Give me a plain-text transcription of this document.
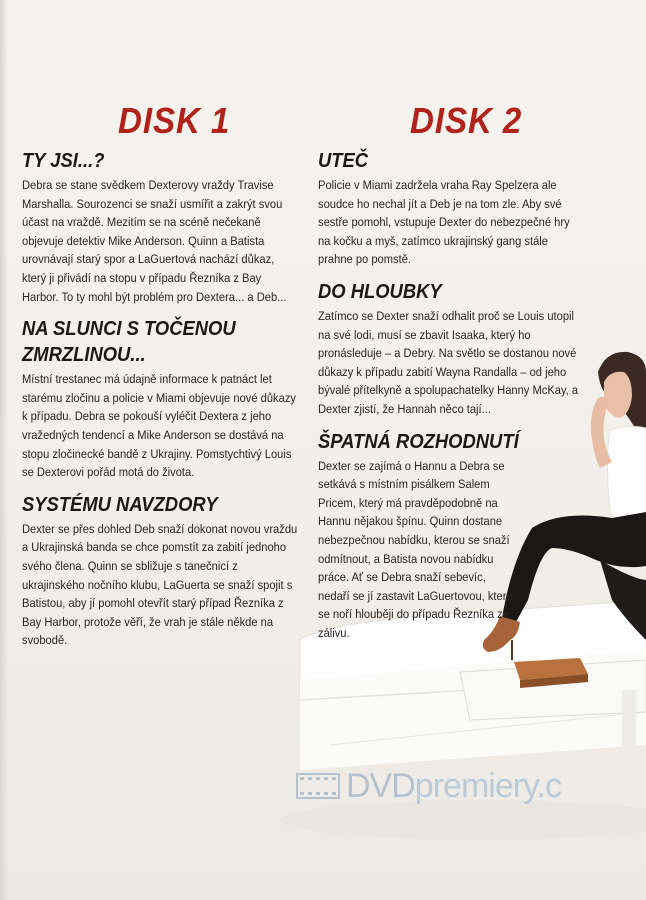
DISK 1	DISK 2
TY JSI...?

Debra se stane svědkem Dexterovy vraždy Travise Marshalla. Sourozenci se snaží usmířit a zakrýt svou účast na vraždě. Mezitím se na scéně nečekaně objevuje detektiv Mike Anderson. Quinn a Batista urovnávají starý spor a LaGuertová nachází důkaz, který ji přivádí na stopu v případu Řezníka z Bay Harbor. To ty mohl být problém pro Dextera... a Deb...

NA SLUNCI S TOČENOU
ZMRZLINOU...

Místní trestanec má údajně informace k patnáct let starému zločinu a policie v Miami objevuje nové důkazy k případu. Debra se pokouší vyléčit Dextera z jeho vražedných tendencí a Mike Anderson se dostává na stopu zločinecké bandě z Ukrajiny. Pomstychtivý Louis se Dexterovi pořád motá do života.

SYSTÉMU NAVZDORY

Dexter se přes dohled Deb snaží dokonat novou vraždu a Ukrajinská banda se chce pomstít za zabití jednoho svého člena. Quinn se sbližuje s tanečnicí z ukrajinského nočního klubu, LaGuerta se snaží spojit s Batistou, aby jí pomohl otevřít starý případ Řezníka z Bay Harbor, protože věří, že vrah je stále někde na svobodě.

UTEČ

Policie v Miami zadržela vraha Ray Spelzera ale soudce ho nechal jít a Deb je na tom zle. Aby své sestře pomohl, vstupuje Dexter do nebezpečné hry na kočku a myš, zatímco ukrajinský gang stále prahne po pomstě.

DO HLOUBKY

Zatímco se Dexter snaží odhalit proč se Louis utopil na své lodi, musí se zbavit Isaaka, který ho pronásleduje – a Debry. Na světlo se dostanou nové důkazy k případu zabití Wayna Randalla – od jeho bývalé přítelkyně a spolupachatelky Hanny McKay, a Dexter zjistí, že Hannah něco tají...

ŠPATNÁ ROZHODNUTÍ

Dexter se zajímá o Hannu a Debra se setkává s místním pisálkem Salem Pricem, který má pravděpodobně na Hannu nějakou špínu. Quinn dostane nebezpečnou nabídku, kterou se snaží odmítnout, a Batista novou nabídku práce. Ať se Debra snaží sebevíc, nedaří se jí zastavit LaGuertovou, která se noří hlouběji do případu Řezníka ze zálivu.

DVD premiery.c
